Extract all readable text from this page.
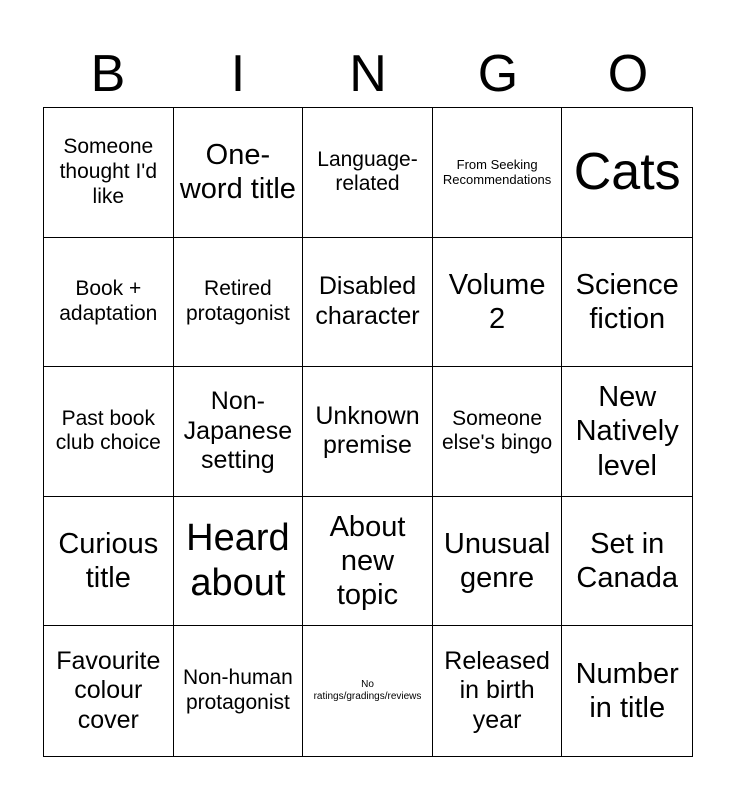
B	I	N	G	O
Someone thought I'd like
One-word title
Language-related
From Seeking Recommendations Cats
Book + adaptation
Retired protagonist
Disabled character
Volume 2
Science fiction
Past book club choice
Non-Japanese setting
Unknown premise
Someone else's bingo
New Natively level
Curious title
Heard about
About new topic
Unusual genre
Set in Canada
Favourite colour cover
Non-human protagonist
No ratings/gradings/reviews
Released in birth year
Number in title
